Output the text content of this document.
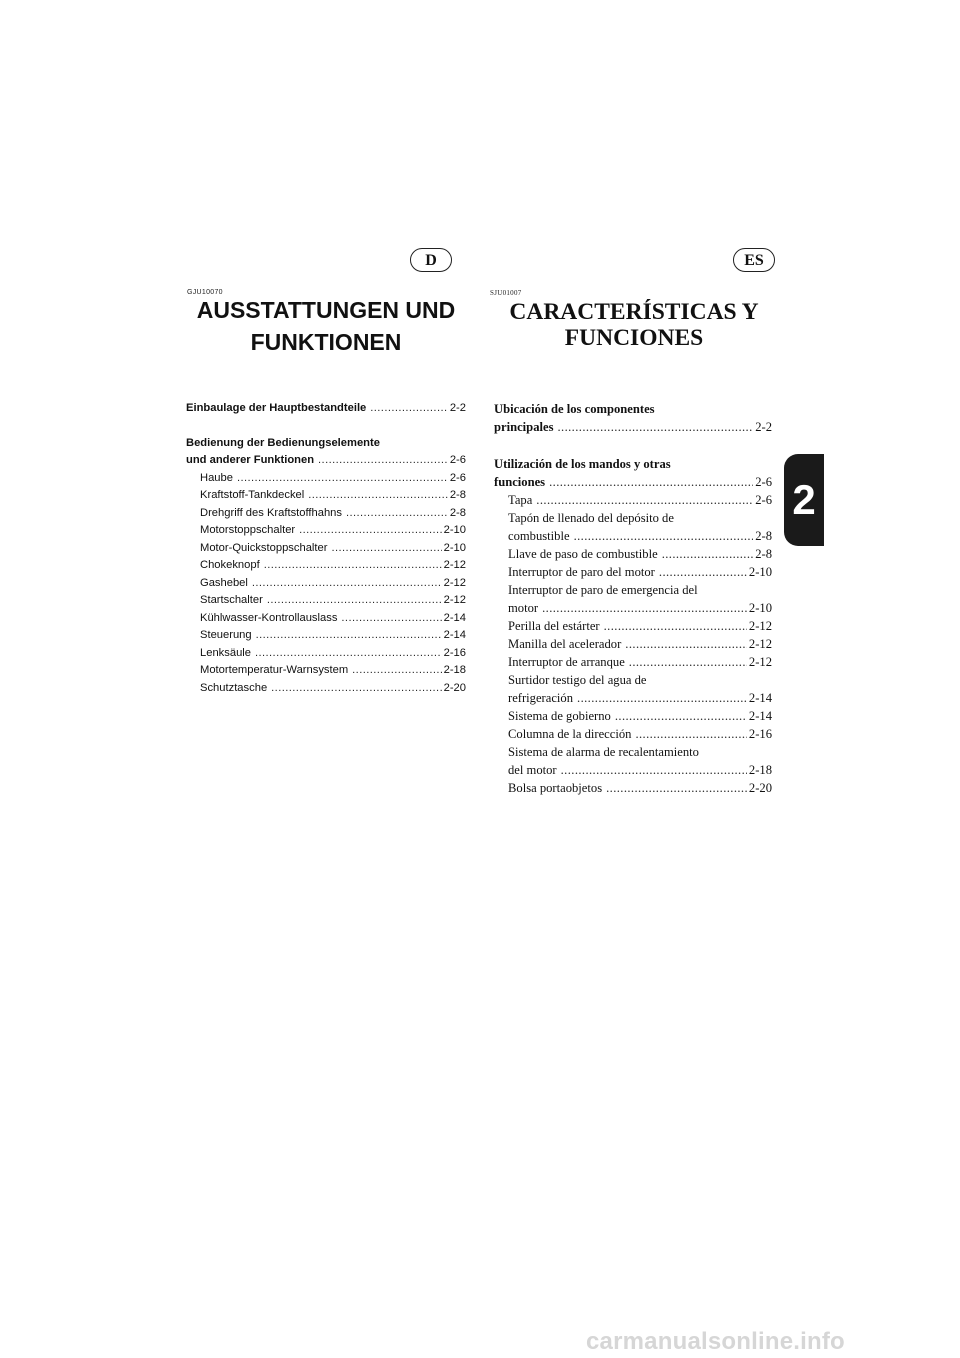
D	ES
GJU10070	SJU01007
AUSSTATTUNGEN UND
FUNKTIONEN
CARACTERÍSTICAS Y
FUNCIONES
Einbaulage der Hauptbestandteile .....	2-2
Bedienung der Bedienungselemente
und anderer Funktionen .....	2-6
Haube .....	2-6
Kraftstoff-Tankdeckel .....	2-8
Drehgriff des Kraftstoffhahns .....	2-8
Motorstoppschalter .....	2-10
Motor-Quickstoppschalter .....	2-10
Chokeknopf .....	2-12
Gashebel .....	2-12
Startschalter .....	2-12
Kühlwasser-Kontrollauslass .....	2-14
Steuerung .....	2-14
Lenksäule .....	2-16
Motortemperatur-Warnsystem .....	2-18
Schutztasche .....	2-20
Ubicación de los componentes
principales .....	2-2
Utilización de los mandos y otras
funciones .....	2-6
Tapa .....	2-6
Tapón de llenado del depósito de
combustible .....	2-8
Llave de paso de combustible .....	2-8
Interruptor de paro del motor .....	2-10
Interruptor de paro de emergencia del
motor .....	2-10
Perilla del estárter .....	2-12
Manilla del acelerador .....	2-12
Interruptor de arranque .....	2-12
Surtidor testigo del agua de
refrigeración .....	2-14
Sistema de gobierno .....	2-14
Columna de la dirección .....	2-16
Sistema de alarma de recalentamiento
del motor .....	2-18
Bolsa portaobjetos .....	2-20
2
carmanualsonline.info
